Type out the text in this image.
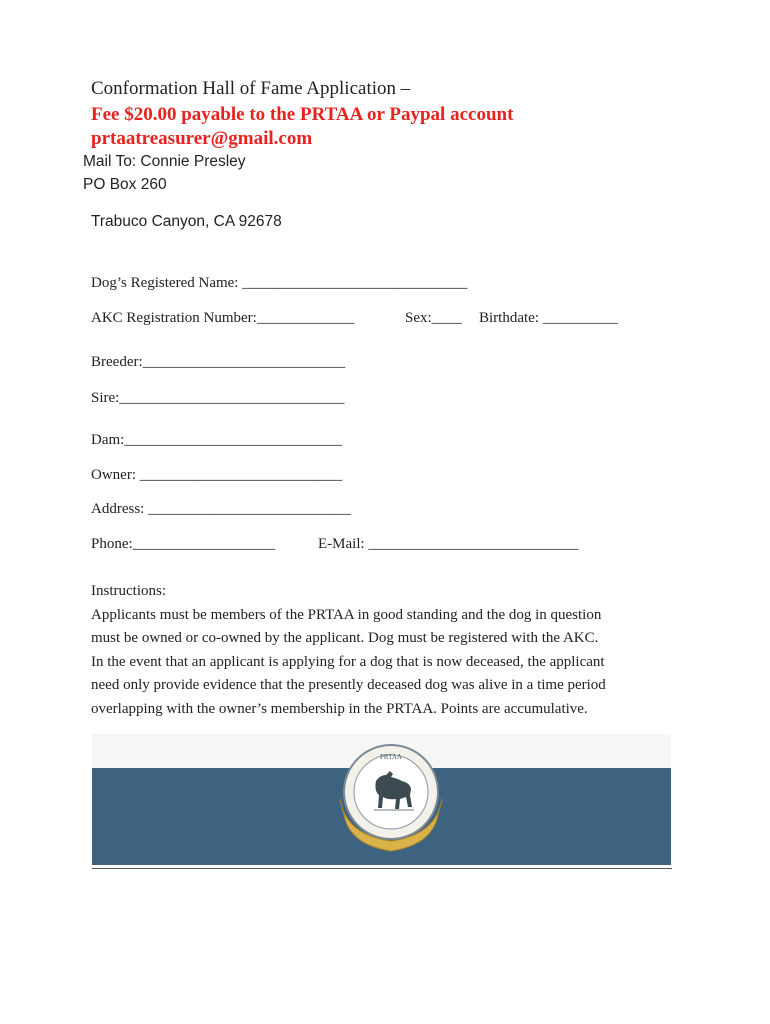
Conformation Hall of Fame Application –
Fee $20.00 payable to the PRTAA or Paypal account
prtaatreasurer@gmail.com
Mail To: Connie Presley
PO Box 260
Trabuco Canyon, CA 92678
Dog’s Registered Name: ______________________________
AKC Registration Number:_____________	Sex:____ Birthdate: __________
Breeder:___________________________
Sire:______________________________
Dam:_____________________________
Owner: ___________________________
Address: ___________________________
Phone:___________________	E-Mail: ____________________________
Instructions:
Applicants must be members of the PRTAA in good standing and the dog in question
must be owned or co-owned by the applicant. Dog must be registered with the AKC.
In the event that an applicant is applying for a dog that is now deceased, the applicant
need only provide evidence that the presently deceased dog was alive in a time period
overlapping with the owner’s membership in the PRTAA. Points are accumulative.
PRTAA
